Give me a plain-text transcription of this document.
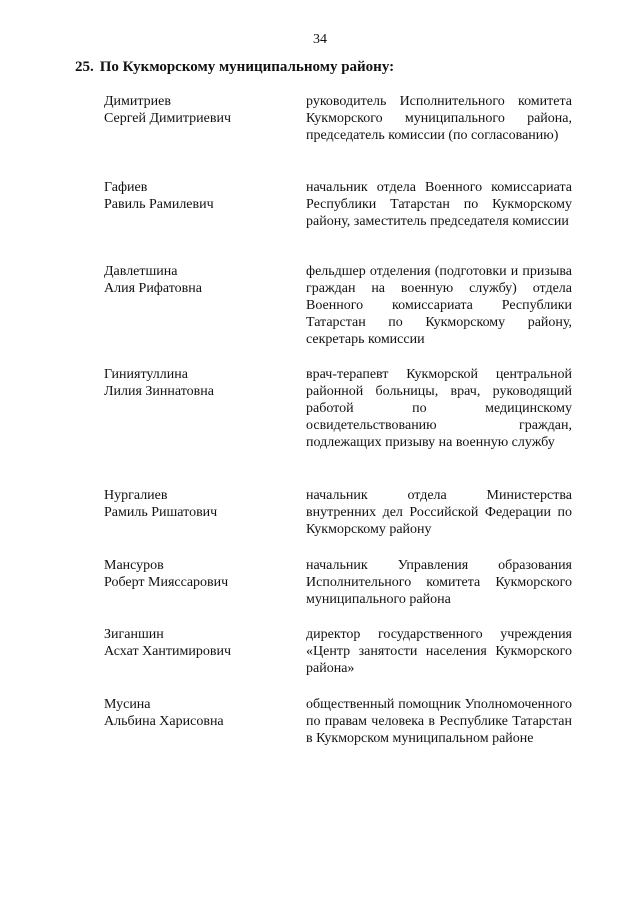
34
25. По Кукморскому муниципальному району:
Димитриев
Сергей Димитриевич
руководитель Исполнительного комитета Кукморского муниципального района, председатель комиссии (по согласованию)
Гафиев
Равиль Рамилевич
начальник отдела Военного комиссариата Республики Татарстан по Кукморскому району, заместитель председателя комиссии
Давлетшина
Алия Рифатовна
фельдшер отделения (подготовки и призыва граждан на военную службу) отдела Военного комиссариата Республики Татарстан по Кукморскому району, секретарь комиссии
Гиниятуллина
Лилия Зиннатовна
врач-терапевт Кукморской центральной районной больницы, врач, руководящий работой по медицинскому освидетельствованию граждан, подлежащих призыву на военную службу
Нургалиев
Рамиль Ришатович
начальник отдела Министерства внутренних дел Российской Федерации по Кукморскому району
Мансуров
Роберт Миясcарович
начальник Управления образования Исполнительного комитета Кукморского муниципального района
Зиганшин
Асхат Хантимирович
директор государственного учреждения «Центр занятости населения Кукморского района»
Мусина
Альбина Харисовна
общественный помощник Уполномоченного по правам человека в Республике Татарстан в Кукморском муниципальном районе
